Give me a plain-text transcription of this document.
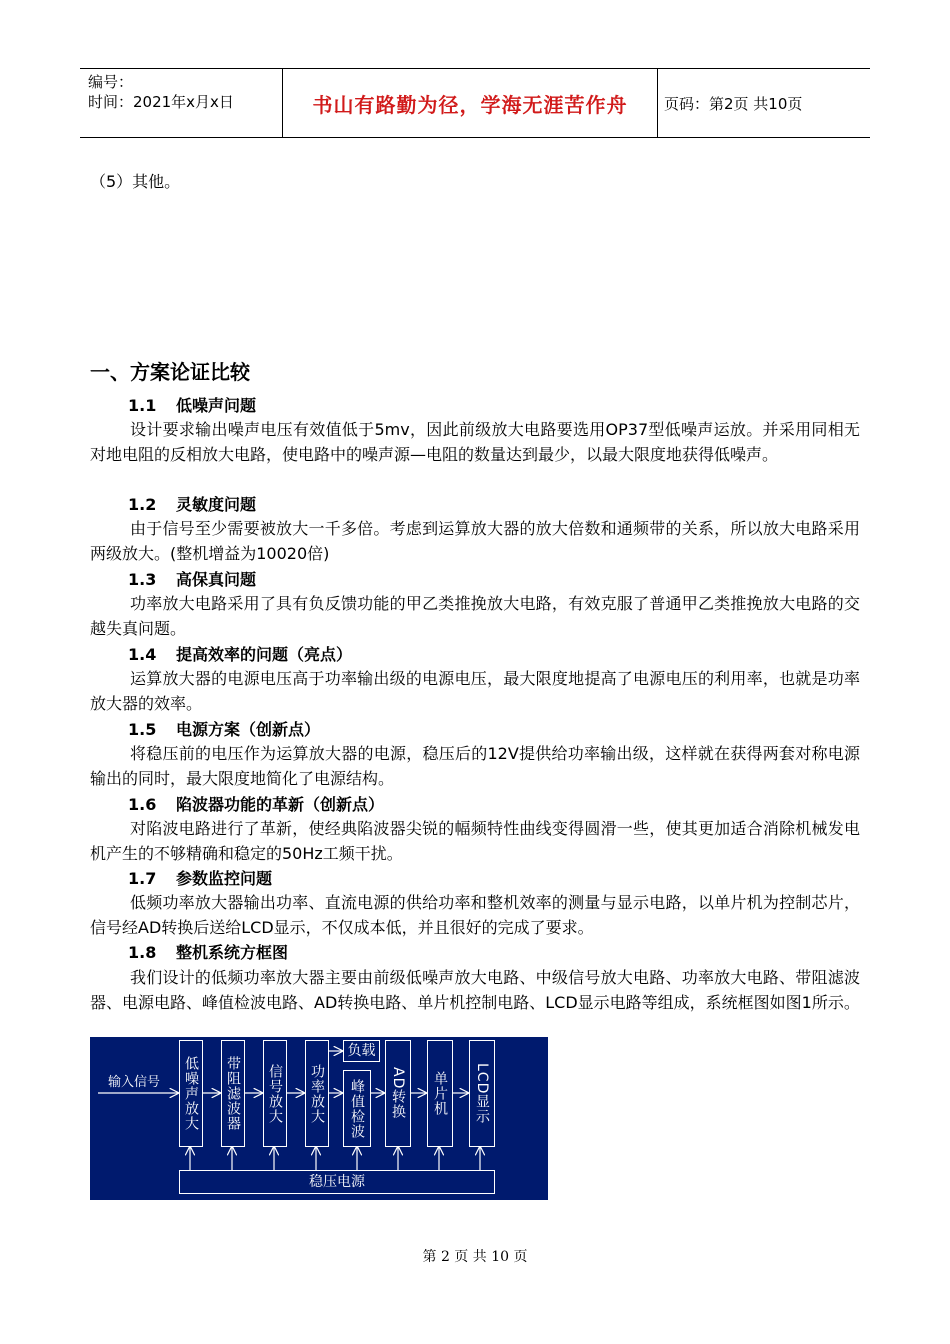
编号：
时间：2021年x月x日	书山有路勤为径，学海无涯苦作舟 页码：第2页 共10页
（5）其他。
一、方案论证比较
1.1 低噪声问题
设计要求输出噪声电压有效值低于5mv，因此前级放大电路要选用OP37型低噪声运放。并采用同相无对地电阻的反相放大电路，使电路中的噪声源—电阻的数量达到最少，以最大限度地获得低噪声。
1.2 灵敏度问题
由于信号至少需要被放大一千多倍。考虑到运算放大器的放大倍数和通频带的关系，所以放大电路采用两级放大。(整机增益为10020倍)
1.3 高保真问题
功率放大电路采用了具有负反馈功能的甲乙类推挽放大电路，有效克服了普通甲乙类推挽放大电路的交越失真问题。
1.4 提高效率的问题（亮点）
运算放大器的电源电压高于功率输出级的电源电压，最大限度地提高了电源电压的利用率，也就是功率放大器的效率。
1.5 电源方案（创新点）
将稳压前的电压作为运算放大器的电源，稳压后的12V提供给功率输出级，这样就在获得两套对称电源输出的同时，最大限度地简化了电源结构。
1.6 陷波器功能的革新（创新点）
对陷波电路进行了革新，使经典陷波器尖锐的幅频特性曲线变得圆滑一些，使其更加适合消除机械发电机产生的不够精确和稳定的50Hz工频干扰。
1.7 参数监控问题
低频功率放大器输出功率、直流电源的供给功率和整机效率的测量与显示电路，以单片机为控制芯片，信号经AD转换后送给LCD显示，不仅成本低，并且很好的完成了要求。
1.8 整机系统方框图
我们设计的低频功率放大器主要由前级低噪声放大电路、中级信号放大电路、功率放大电路、带阻滤波器、电源电路、峰值检波电路、AD转换电路、单片机控制电路、LCD显示电路等组成，系统框图如图1所示。
输入信号 低噪声放大 带阻滤波器 信号放大 功率放大
负载
峰值检波 AD转换 单片机 LCD显示
稳压电源
第 2 页 共 10 页
